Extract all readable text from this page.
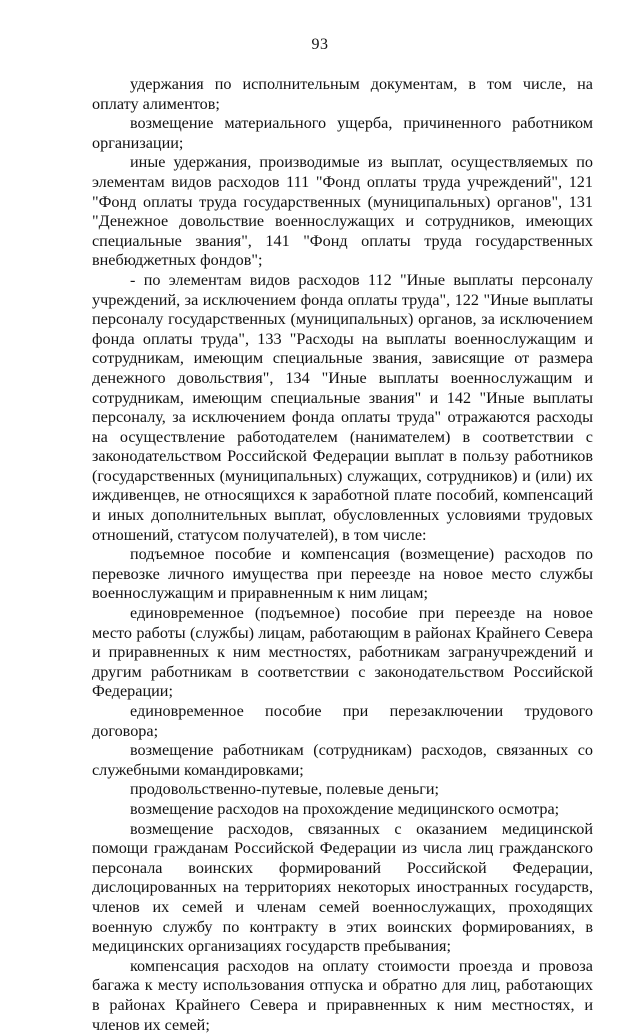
93

удержания по исполнительным документам, в том числе, на оплату алиментов;

возмещение материального ущерба, причиненного работником организации;

иные удержания, производимые из выплат, осуществляемых по элементам видов расходов 111 "Фонд оплаты труда учреждений", 121 "Фонд оплаты труда государственных (муниципальных) органов", 131 "Денежное довольствие военнослужащих и сотрудников, имеющих специальные звания", 141 "Фонд оплаты труда государственных внебюджетных фондов";

- по элементам видов расходов 112 "Иные выплаты персоналу учреждений, за исключением фонда оплаты труда", 122 "Иные выплаты персоналу государственных (муниципальных) органов, за исключением фонда оплаты труда", 133 "Расходы на выплаты военнослужащим и сотрудникам, имеющим специальные звания, зависящие от размера денежного довольствия", 134 "Иные выплаты военнослужащим и сотрудникам, имеющим специальные звания" и 142 "Иные выплаты персоналу, за исключением фонда оплаты труда" отражаются расходы на осуществление работодателем (нанимателем) в соответствии с законодательством Российской Федерации выплат в пользу работников (государственных (муниципальных) служащих, сотрудников) и (или) их иждивенцев, не относящихся к заработной плате пособий, компенсаций и иных дополнительных выплат, обусловленных условиями трудовых отношений, статусом получателей), в том числе:

подъемное пособие и компенсация (возмещение) расходов по перевозке личного имущества при переезде на новое место службы военнослужащим и приравненным к ним лицам;

единовременное (подъемное) пособие при переезде на новое место работы (службы) лицам, работающим в районах Крайнего Севера и приравненных к ним местностях, работникам загранучреждений и другим работникам в соответствии с законодательством Российской Федерации;

единовременное пособие при перезаключении трудового договора;

возмещение работникам (сотрудникам) расходов, связанных со служебными командировками;

продовольственно-путевые, полевые деньги;

возмещение расходов на прохождение медицинского осмотра;

возмещение расходов, связанных с оказанием медицинской помощи гражданам Российской Федерации из числа лиц гражданского персонала воинских формирований Российской Федерации, дислоцированных на территориях некоторых иностранных государств, членов их семей и членам семей военнослужащих, проходящих военную службу по контракту в этих воинских формированиях, в медицинских организациях государств пребывания;

компенсация расходов на оплату стоимости проезда и провоза багажа к месту использования отпуска и обратно для лиц, работающих в районах Крайнего Севера и приравненных к ним местностях, и членов их семей;
